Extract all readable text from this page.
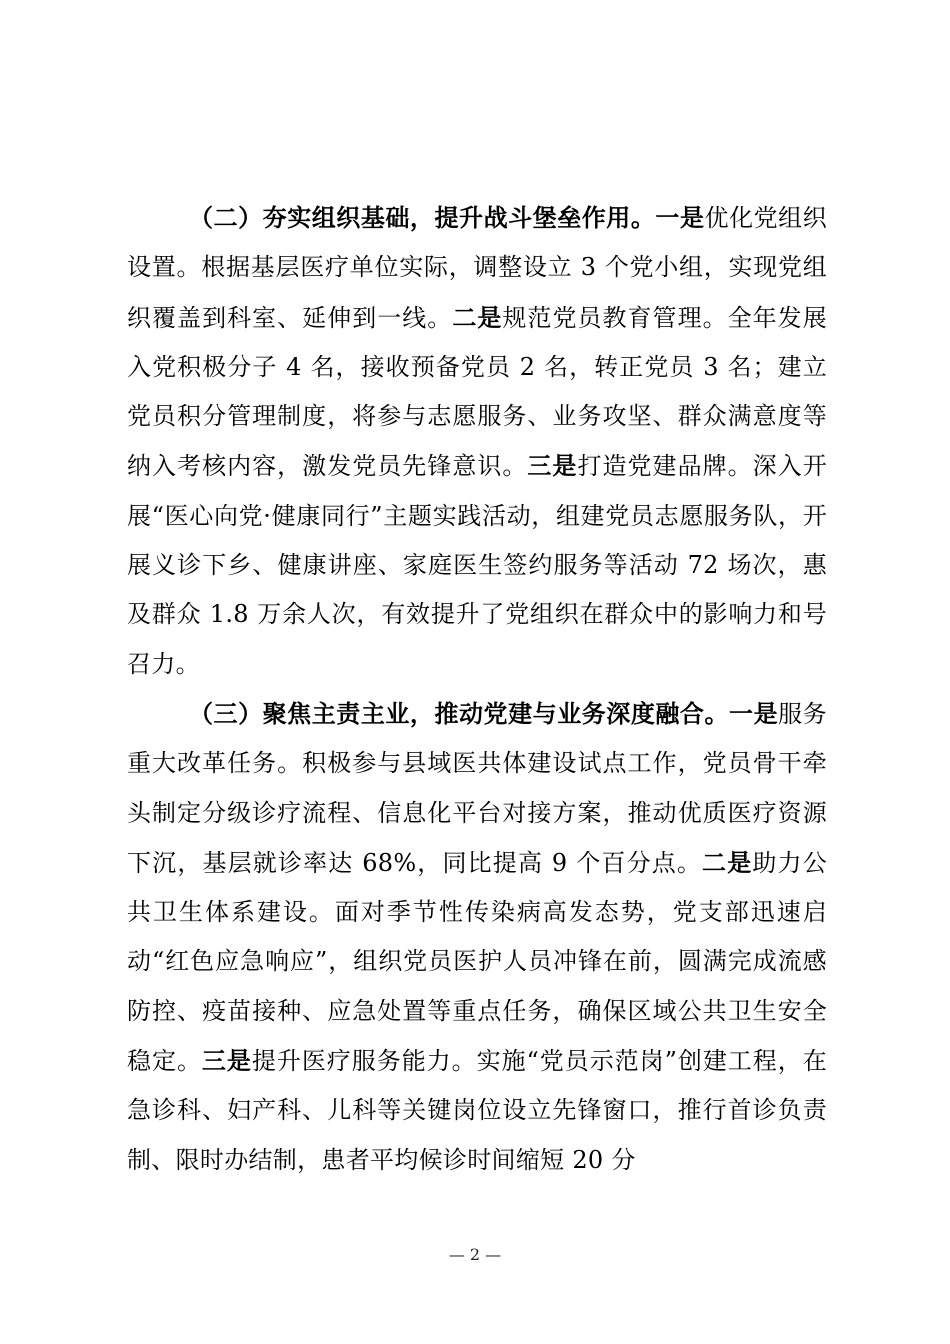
（二）夯实组织基础，提升战斗堡垒作用。一是优化党组织设置。根据基层医疗单位实际，调整设立 3 个党小组，实现党组织覆盖到科室、延伸到一线。二是规范党员教育管理。全年发展入党积极分子 4 名，接收预备党员 2 名，转正党员 3 名；建立党员积分管理制度，将参与志愿服务、业务攻坚、群众满意度等纳入考核内容，激发党员先锋意识。三是打造党建品牌。深入开展“医心向党·健康同行”主题实践活动，组建党员志愿服务队，开展义诊下乡、健康讲座、家庭医生签约服务等活动 72 场次，惠及群众 1.8 万余人次，有效提升了党组织在群众中的影响力和号召力。

（三）聚焦主责主业，推动党建与业务深度融合。一是服务重大改革任务。积极参与县域医共体建设试点工作，党员骨干牵头制定分级诊疗流程、信息化平台对接方案，推动优质医疗资源下沉，基层就诊率达 68%，同比提高 9 个百分点。二是助力公共卫生体系建设。面对季节性传染病高发态势，党支部迅速启动“红色应急响应”，组织党员医护人员冲锋在前，圆满完成流感防控、疫苗接种、应急处置等重点任务，确保区域公共卫生安全稳定。三是提升医疗服务能力。实施“党员示范岗”创建工程，在急诊科、妇产科、儿科等关键岗位设立先锋窗口，推行首诊负责制、限时办结制，患者平均候诊时间缩短 20 分

— 2 —
